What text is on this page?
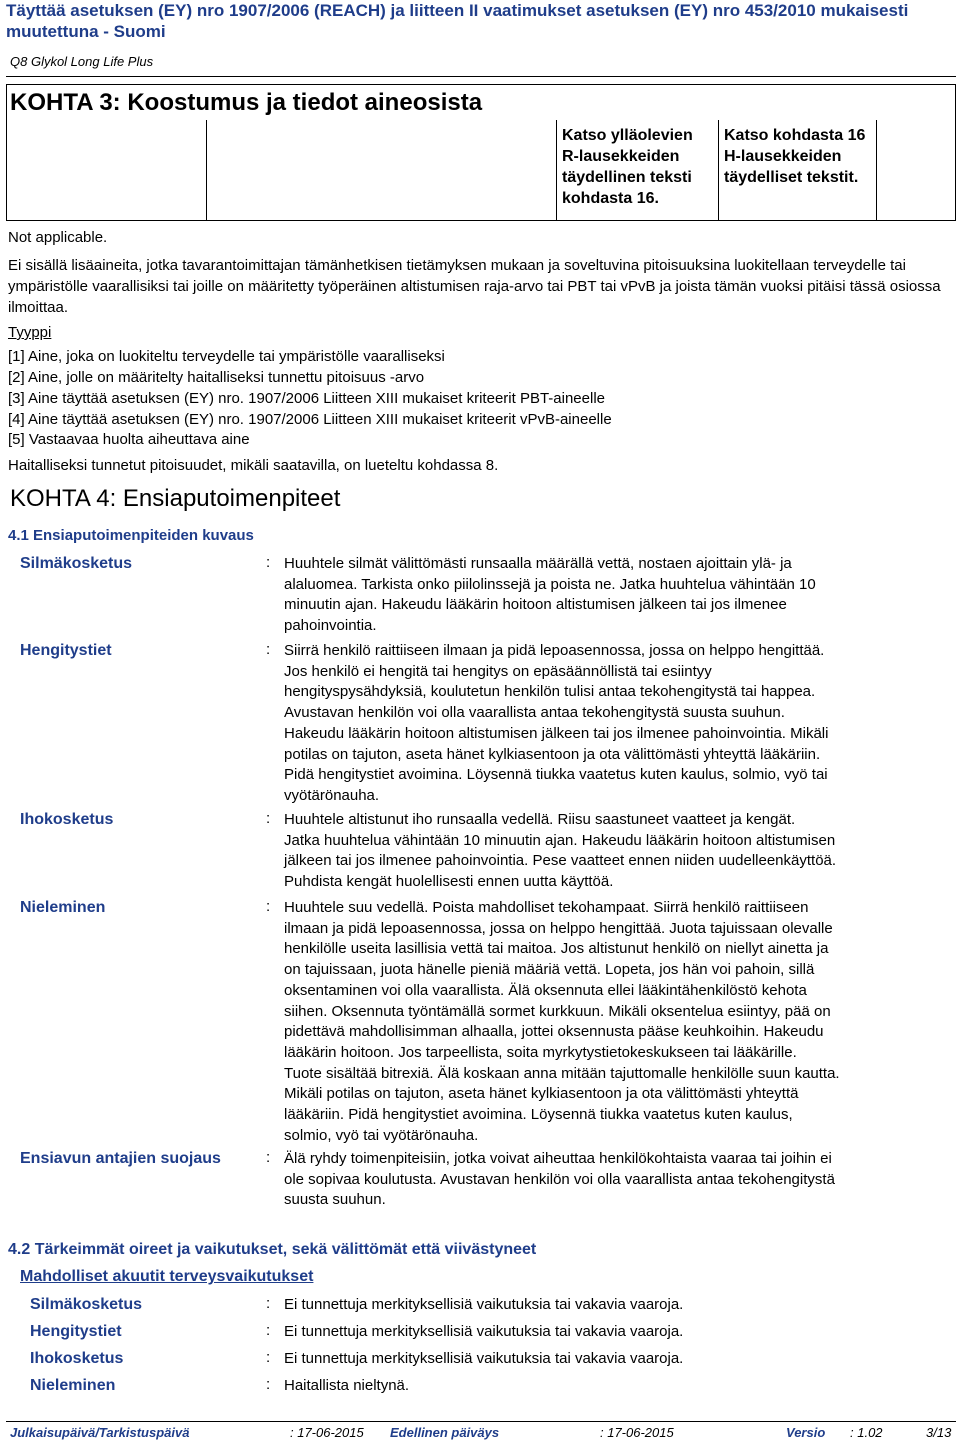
Täyttää asetuksen (EY) nro 1907/2006 (REACH) ja liitteen II vaatimukset asetuksen (EY) nro 453/2010 mukaisesti muutettuna - Suomi
Q8 Glykol Long Life Plus
KOHTA 3: Koostumus ja tiedot aineosista
Katso ylläolevien R-lausekkeiden täydellinen teksti kohdasta 16.
Katso kohdasta 16 H-lausekkeiden täydelliset tekstit.
Not applicable.
Ei sisällä lisäaineita, jotka tavarantoimittajan tämänhetkisen tietämyksen mukaan ja soveltuvina pitoisuuksina luokitellaan terveydelle tai ympäristölle vaarallisiksi tai joille on määritetty työperäinen altistumisen raja-arvo tai PBT tai vPvB ja joista tämän vuoksi pitäisi tässä osiossa ilmoittaa.
Tyyppi
[1] Aine, joka on luokiteltu terveydelle tai ympäristölle vaaralliseksi
[2] Aine, jolle on määritelty haitalliseksi tunnettu pitoisuus -arvo
[3] Aine täyttää asetuksen (EY) nro. 1907/2006 Liitteen XIII mukaiset kriteerit PBT-aineelle
[4] Aine täyttää asetuksen (EY) nro. 1907/2006 Liitteen XIII mukaiset kriteerit vPvB-aineelle
[5] Vastaavaa huolta aiheuttava aine
Haitalliseksi tunnetut pitoisuudet, mikäli saatavilla, on lueteltu kohdassa 8.
KOHTA 4: Ensiaputoimenpiteet
4.1 Ensiaputoimenpiteiden kuvaus
Silmäkosketus	: Huuhtele silmät välittömästi runsaalla määrällä vettä, nostaen ajoittain ylä- ja
alaluomea. Tarkista onko piilolinssejä ja poista ne. Jatka huuhtelua vähintään 10
minuutin ajan. Hakeudu lääkärin hoitoon altistumisen jälkeen tai jos ilmenee
pahoinvointia.
Hengitystiet	: Siirrä henkilö raittiiseen ilmaan ja pidä lepoasennossa, jossa on helppo hengittää.
Jos henkilö ei hengitä tai hengitys on epäsäännöllistä tai esiintyy
hengityspysähdyksiä, koulutetun henkilön tulisi antaa tekohengitystä tai happea.
Avustavan henkilön voi olla vaarallista antaa tekohengitystä suusta suuhun.
Hakeudu lääkärin hoitoon altistumisen jälkeen tai jos ilmenee pahoinvointia. Mikäli
potilas on tajuton, aseta hänet kylkiasentoon ja ota välittömästi yhteyttä lääkäriin.
Pidä hengitystiet avoimina. Löysennä tiukka vaatetus kuten kaulus, solmio, vyö tai
vyötärönauha.
Ihokosketus	: Huuhtele altistunut iho runsaalla vedellä. Riisu saastuneet vaatteet ja kengät.
Jatka huuhtelua vähintään 10 minuutin ajan. Hakeudu lääkärin hoitoon altistumisen
jälkeen tai jos ilmenee pahoinvointia. Pese vaatteet ennen niiden uudelleenkäyttöä.
Puhdista kengät huolellisesti ennen uutta käyttöä.
Nieleminen	: Huuhtele suu vedellä. Poista mahdolliset tekohampaat. Siirrä henkilö raittiiseen
ilmaan ja pidä lepoasennossa, jossa on helppo hengittää. Juota tajuissaan olevalle
henkilölle useita lasillisia vettä tai maitoa. Jos altistunut henkilö on niellyt ainetta ja
on tajuissaan, juota hänelle pieniä määriä vettä. Lopeta, jos hän voi pahoin, sillä
oksentaminen voi olla vaarallista. Älä oksennuta ellei lääkintähenkilöstö kehota
siihen. Oksennuta työntämällä sormet kurkkuun. Mikäli oksentelua esiintyy, pää on
pidettävä mahdollisimman alhaalla, jottei oksennusta pääse keuhkoihin. Hakeudu
lääkärin hoitoon. Jos tarpeellista, soita myrkytystietokeskukseen tai lääkärille.
Tuote sisältää bitrexiä. Älä koskaan anna mitään tajuttomalle henkilölle suun kautta.
Mikäli potilas on tajuton, aseta hänet kylkiasentoon ja ota välittömästi yhteyttä
lääkäriin. Pidä hengitystiet avoimina. Löysennä tiukka vaatetus kuten kaulus,
solmio, vyö tai vyötärönauha.
Ensiavun antajien suojaus	: Älä ryhdy toimenpiteisiin, jotka voivat aiheuttaa henkilökohtaista vaaraa tai joihin ei
ole sopivaa koulutusta. Avustavan henkilön voi olla vaarallista antaa tekohengitystä
suusta suuhun.
4.2 Tärkeimmät oireet ja vaikutukset, sekä välittömät että viivästyneet
Mahdolliset akuutit terveysvaikutukset
Silmäkosketus	: Ei tunnettuja merkityksellisiä vaikutuksia tai vakavia vaaroja.
Hengitystiet	: Ei tunnettuja merkityksellisiä vaikutuksia tai vakavia vaaroja.
Ihokosketus	: Ei tunnettuja merkityksellisiä vaikutuksia tai vakavia vaaroja.
Nieleminen	: Haitallista nieltynä.
Julkaisupäivä/Tarkistuspäivä	: 17-06-2015 Edellinen päiväys	: 17-06-2015	Versio : 1.02	3/13
